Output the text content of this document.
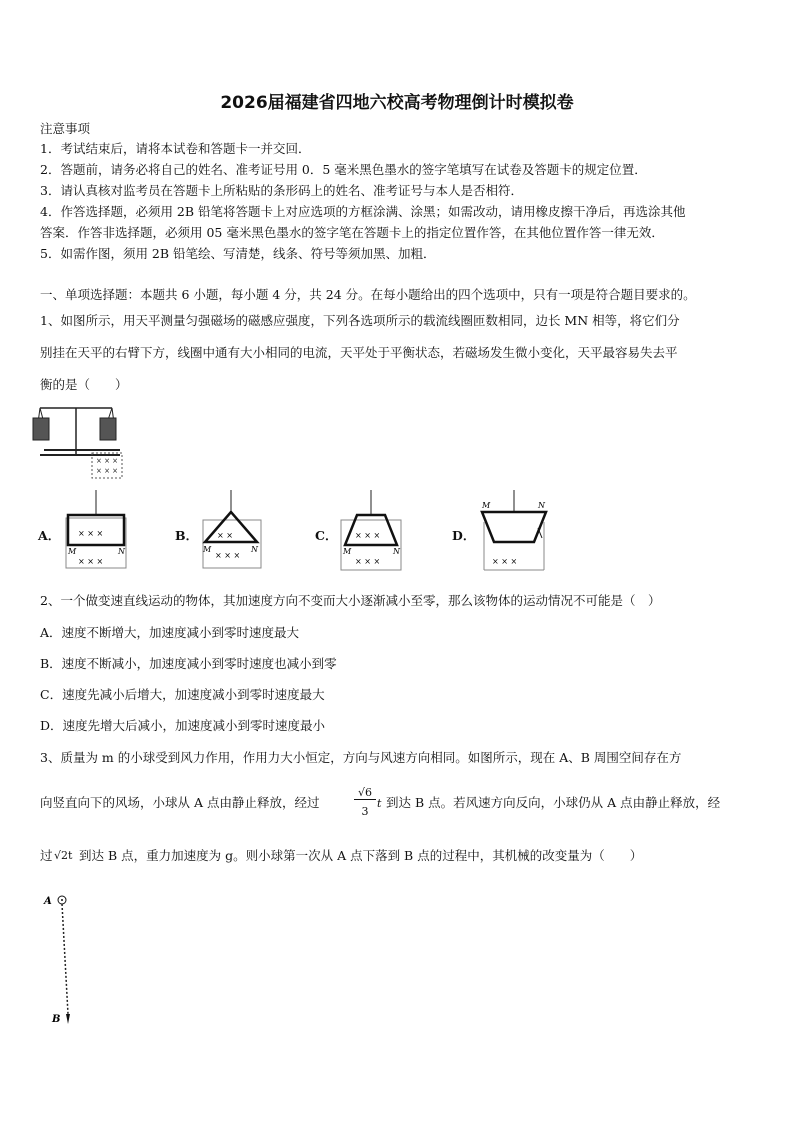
2026届福建省四地六校高考物理倒计时模拟卷
注意事项
1．考试结束后，请将本试卷和答题卡一并交回．
2．答题前，请务必将自己的姓名、准考证号用 0．5 毫米黑色墨水的签字笔填写在试卷及答题卡的规定位置．
3．请认真核对监考员在答题卡上所粘贴的条形码上的姓名、准考证号与本人是否相符．
4．作答选择题，必须用 2B 铅笔将答题卡上对应选项的方框涂满、涂黑；如需改动，请用橡皮擦干净后，再选涂其他
答案．作答非选择题，必须用 05 毫米黑色墨水的签字笔在答题卡上的指定位置作答，在其他位置作答一律无效．
5．如需作图，须用 2B 铅笔绘、写清楚，线条、符号等须加黑、加粗．
一、单项选择题：本题共 6 小题，每小题 4 分，共 24 分。在每小题给出的四个选项中，只有一项是符合题目要求的。
1、如图所示，用天平测量匀强磁场的磁感应强度，下列各选项所示的载流线圈匝数相同，边长 MN 相等，将它们分
别挂在天平的右臂下方，线圈中通有大小相同的电流，天平处于平衡状态，若磁场发生微小变化，天平最容易失去平
衡的是（　　）
× × ×
× × ×
A． × × ×
× × ×
M	N
B． × ×
× × ×
M	N
C． × × ×
× × ×
M	N
D．
× × ×
M	N
2、一个做变速直线运动的物体，其加速度方向不变而大小逐渐减小至零，那么该物体的运动情况不可能是（　）
A．速度不断增大，加速度减小到零时速度最大
B．速度不断减小，加速度减小到零时速度也减小到零
C．速度先减小后增大，加速度减小到零时速度最大
D．速度先增大后减小，加速度减小到零时速度最小
3、质量为 m 的小球受到风力作用，作用力大小恒定，方向与风速方向相同。如图所示，现在 A、B 周围空间存在方
向竖直向下的风场，小球从 A 点由静止释放，经过
√6
3
t 到达 B 点。若风速方向反向，小球仍从 A 点由静止释放，经
过 √2t 到达 B 点，重力加速度为 g。则小球第一次从 A 点下落到 B 点的过程中，其机械的改变量为（　　）
A
B
